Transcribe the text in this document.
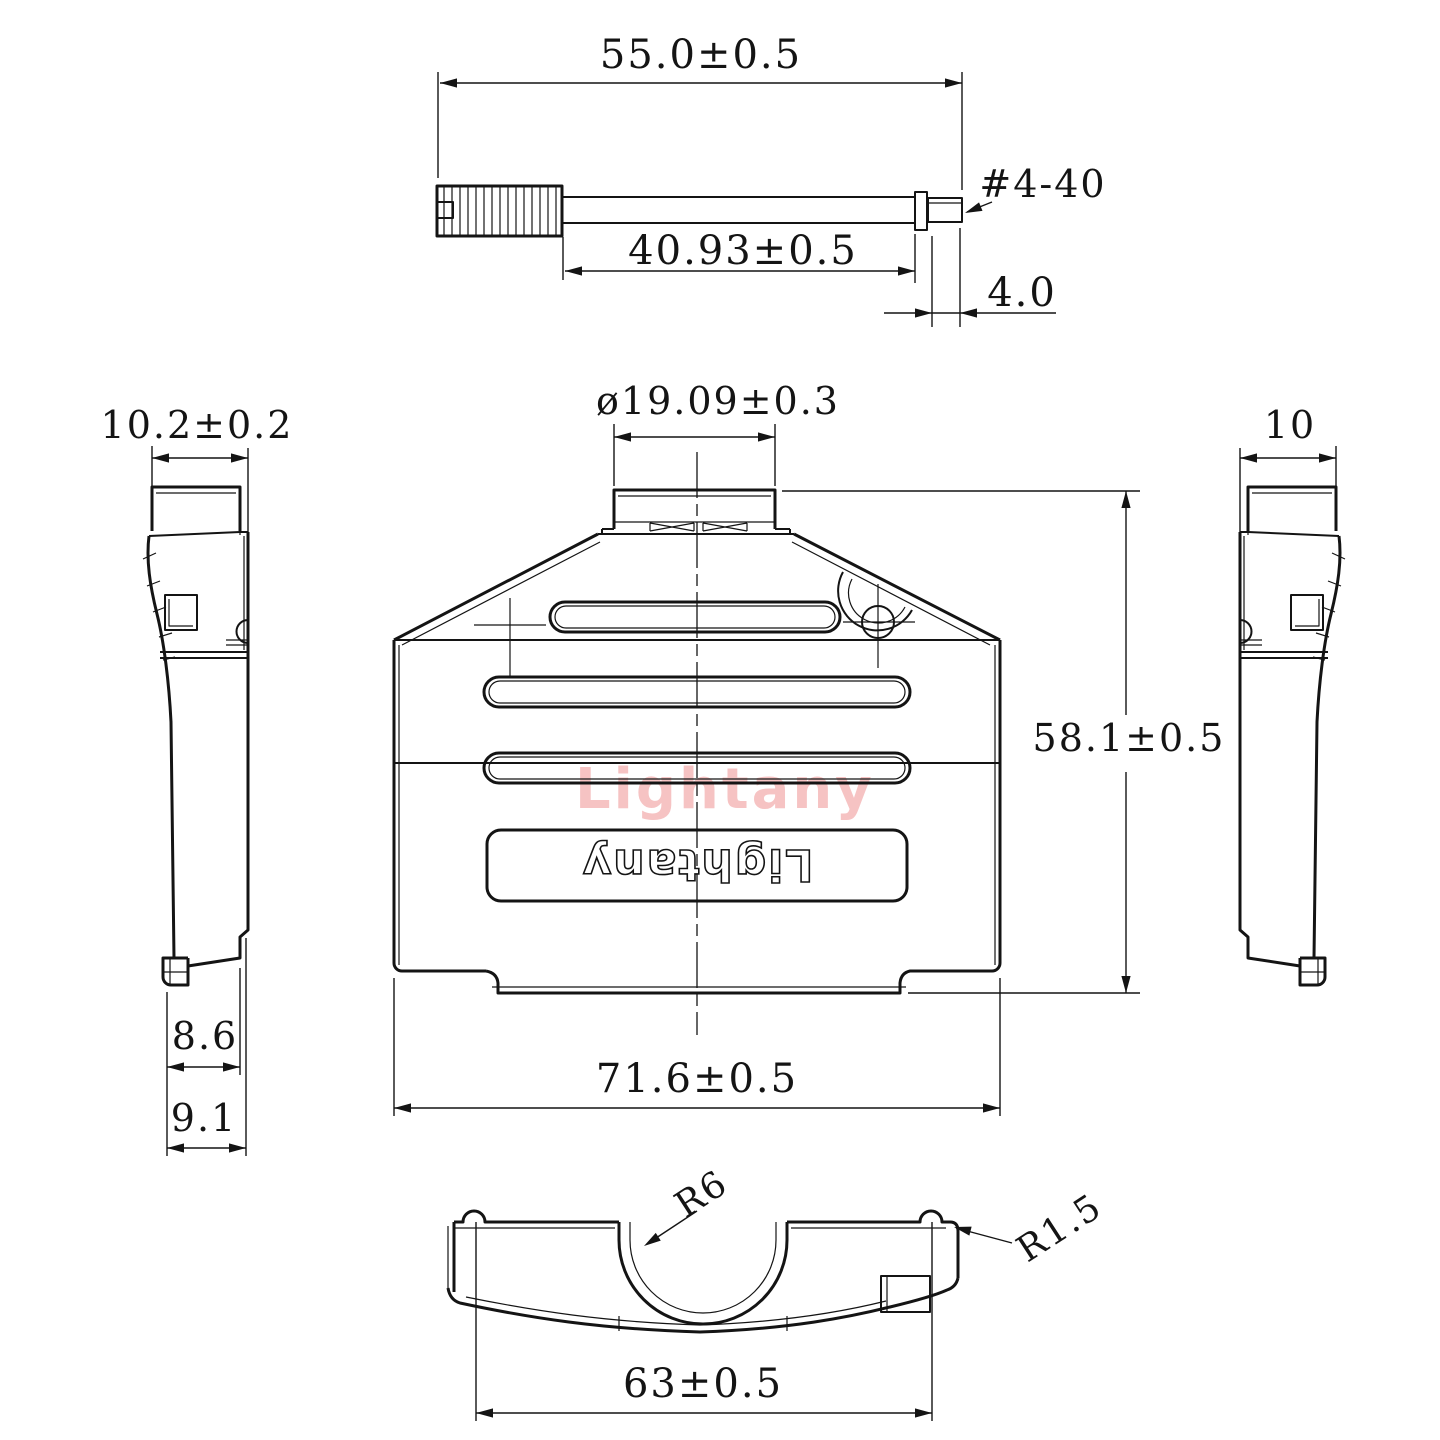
55.0±0.5
40.93±0.5
4.0
#4-40
10.2±0.2
8.6
9.1
Lightany
Lightany
ø19.09±0.3
58.1±0.5
71.6±0.5
10
R6	R1.5
63±0.5
